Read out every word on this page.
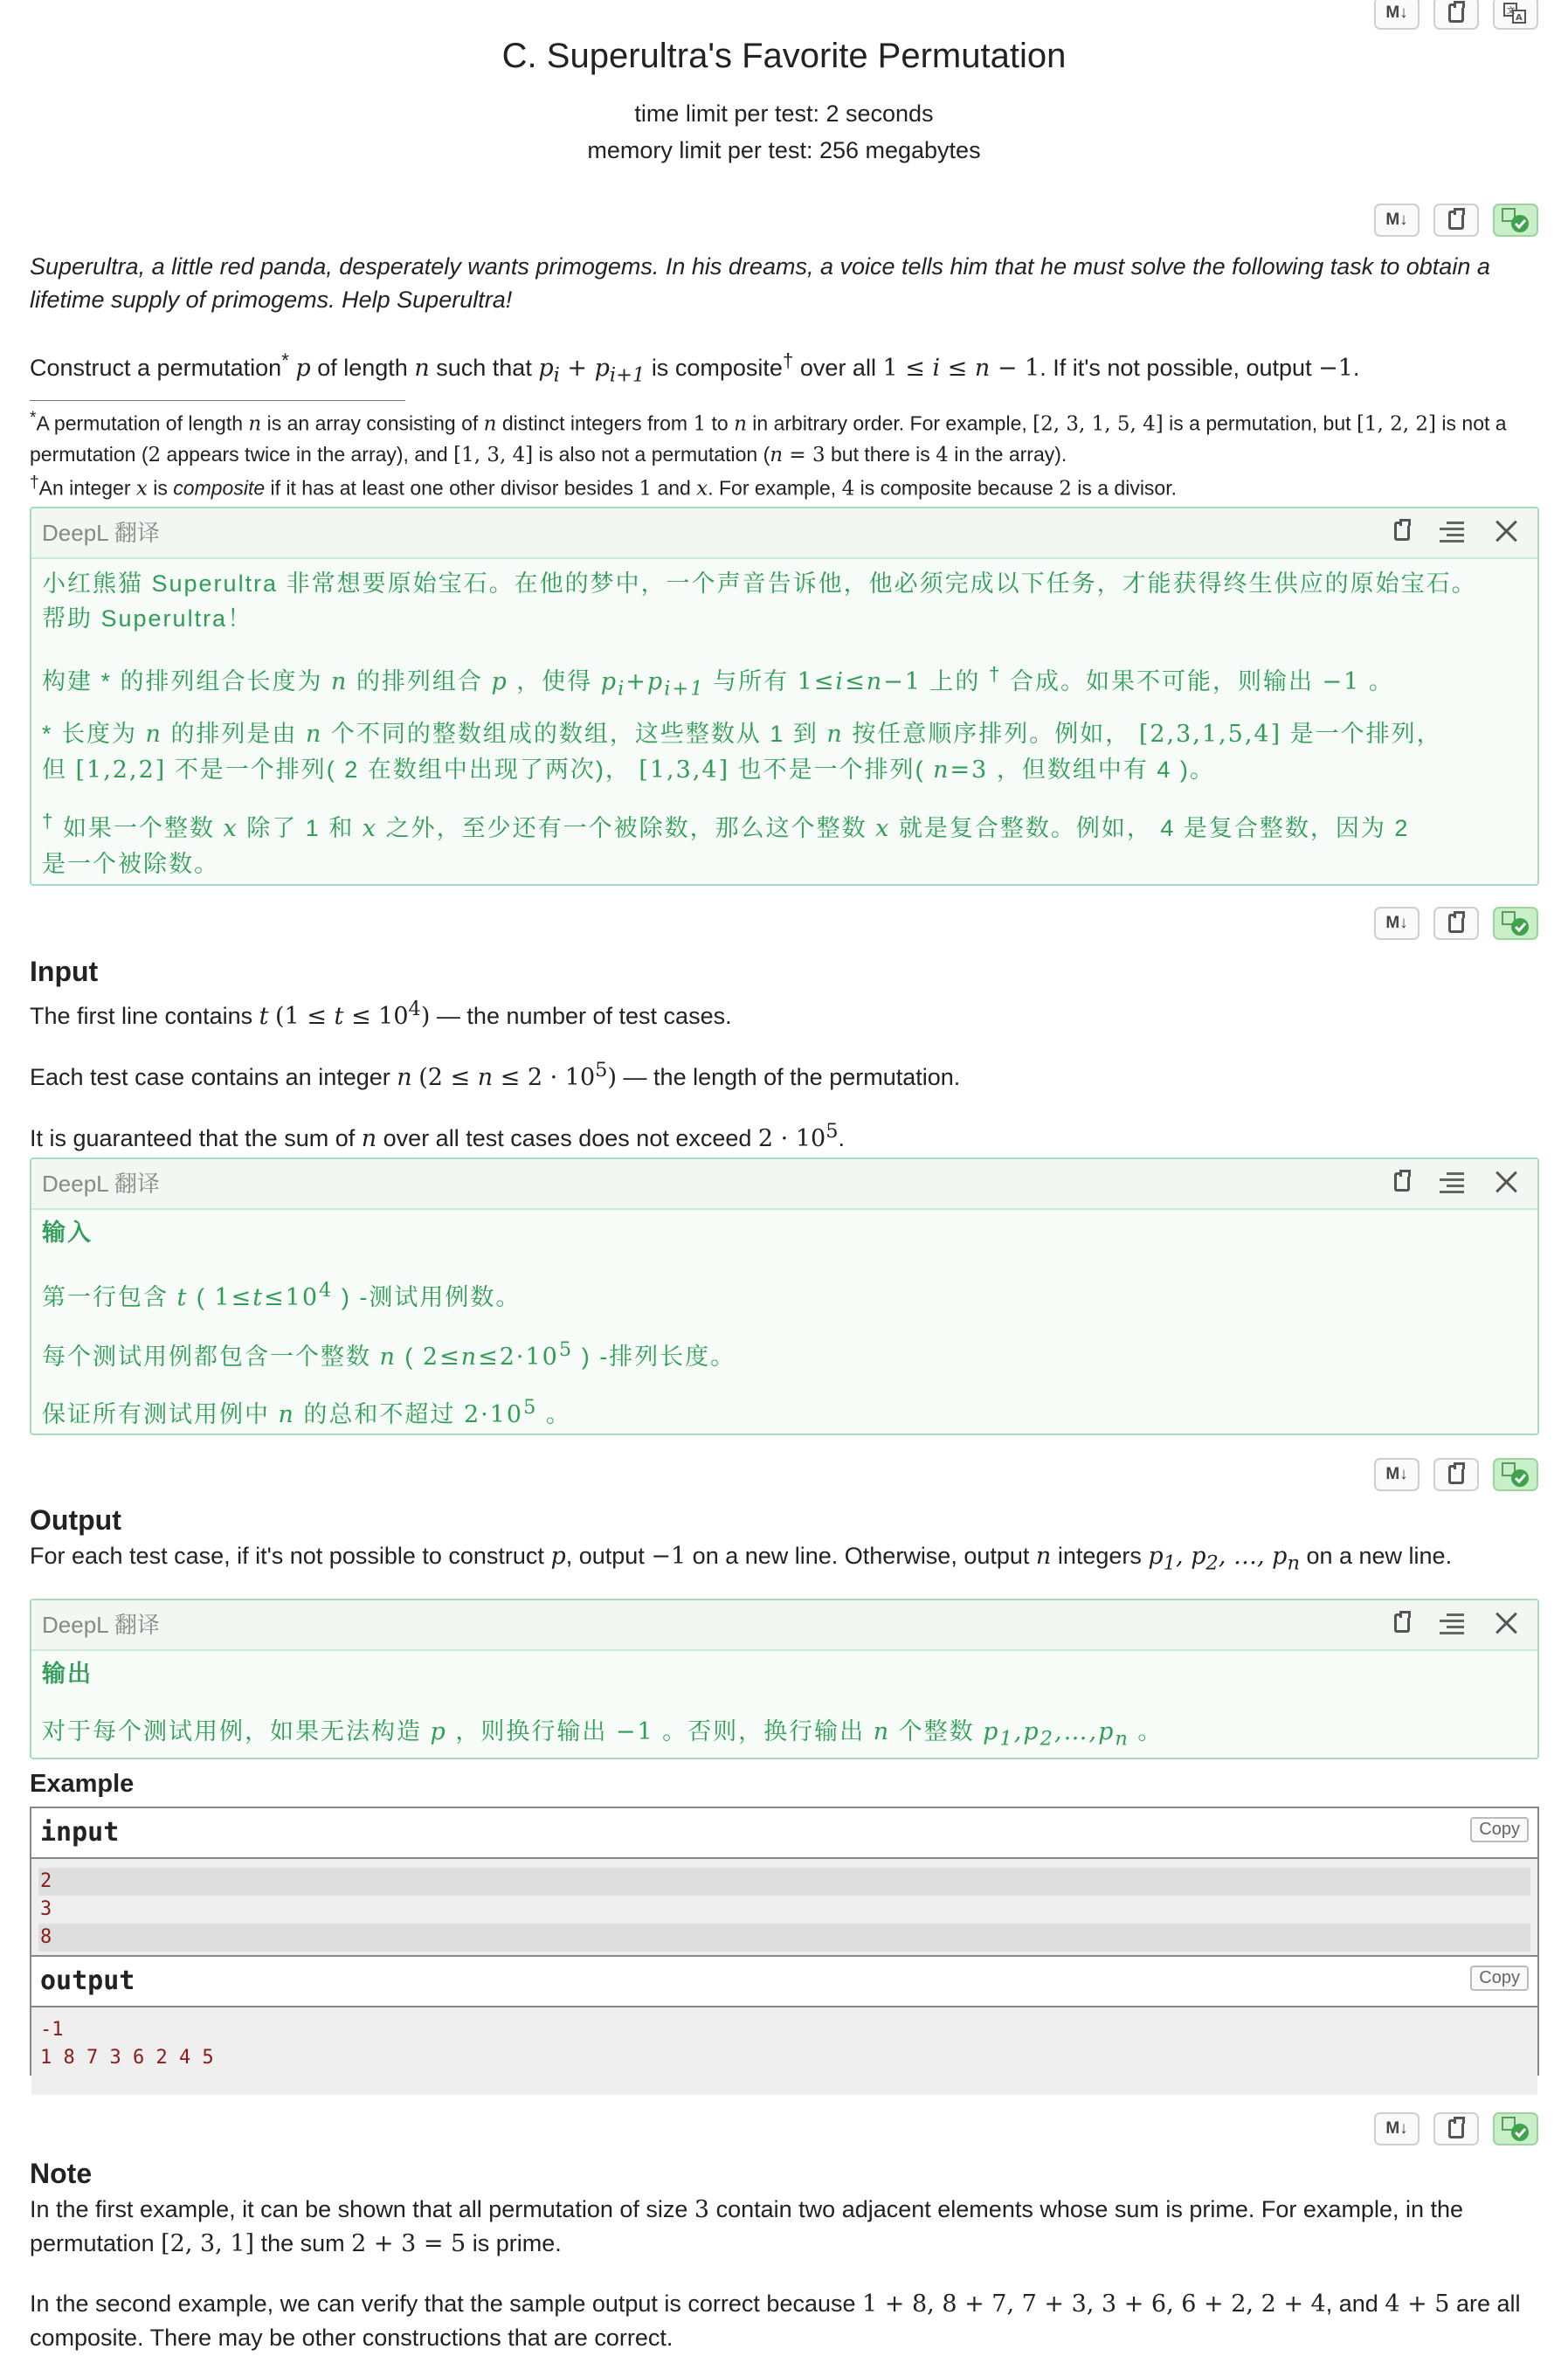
M↓	文
A
C. Superultra's Favorite Permutation
time limit per test: 2 seconds
memory limit per test: 256 megabytes
M↓
Superultra, a little red panda, desperately wants primogems. In his dreams, a voice tells him that he must solve the following task to obtain a lifetime supply of primogems. Help Superultra!
Construct a permutation* p of length n such that $p_i + p_{i+1}$ is composite† over all 1 ≤ i ≤ n − 1. If it's not possible, output −1.
*A permutation of length n is an array consisting of n distinct integers from 1 to n in arbitrary order. For example, [2, 3, 1, 5, 4] is a permutation, but [1, 2, 2] is not a permutation (2 appears twice in the array), and [1, 3, 4] is also not a permutation (n = 3 but there is 4 in the array).
†An integer x is composite if it has at least one other divisor besides 1 and x. For example, 4 is composite because 2 is a divisor.
DeepL 翻译
小红熊猫 Superultra 非常想要原始宝石。在他的梦中，一个声音告诉他，他必须完成以下任务，才能获得终生供应的原始宝石。
帮助 Superultra！
构建 * 的排列组合长度为 n 的排列组合 p ，使得 $p_i+p_{i+1}$ 与所有 1≤i≤n−1 上的 † 合成。如果不可能，则输出 −1 。
* 长度为 n 的排列是由 n 个不同的整数组成的数组，这些整数从 1 到 n 按任意顺序排列。例如， [2,3,1,5,4] 是一个排列，
但 [1,2,2] 不是一个排列( 2 在数组中出现了两次)， [1,3,4] 也不是一个排列( n=3 ，但数组中有 4 )。
† 如果一个整数 x 除了 1 和 x 之外，至少还有一个被除数，那么这个整数 x 就是复合整数。例如， 4 是复合整数，因为 2
是一个被除数。
M↓
Input
The first line contains t $(1 \le t \le 10^4)$ — the number of test cases.
Each test case contains an integer n $(2 \le n \le 2 \cdot 10^5)$ — the length of the permutation.
It is guaranteed that the sum of n over all test cases does not exceed $2 \cdot 10^5$.
DeepL 翻译
输入
第一行包含 t ( $1\le t\le 10^4$ ) -测试用例数。
每个测试用例都包含一个整数 n ( $2\le n\le 2\cdot 10^5$ ) -排列长度。
保证所有测试用例中 n 的总和不超过 $2\cdot 10^5$ 。
M↓
Output
For each test case, if it's not possible to construct p, output −1 on a new line. Otherwise, output n integers $p_1$, $p_2$, …, $p_n$ on a new line.
DeepL 翻译
输出
对于每个测试用例，如果无法构造 p ，则换行输出 −1 。否则，换行输出 n 个整数 $p_1,p_2,\dots,p_n$ 。
Example
input	Copy
2
3
8
output	Copy
-1
1 8 7 3 6 2 4 5
M↓
Note
In the first example, it can be shown that all permutation of size 3 contain two adjacent elements whose sum is prime. For example, in the permutation [2, 3, 1] the sum 2 + 3 = 5 is prime.
In the second example, we can verify that the sample output is correct because 1 + 8, 8 + 7, 7 + 3, 3 + 6, 6 + 2, 2 + 4, and 4 + 5 are all composite. There may be other constructions that are correct.
